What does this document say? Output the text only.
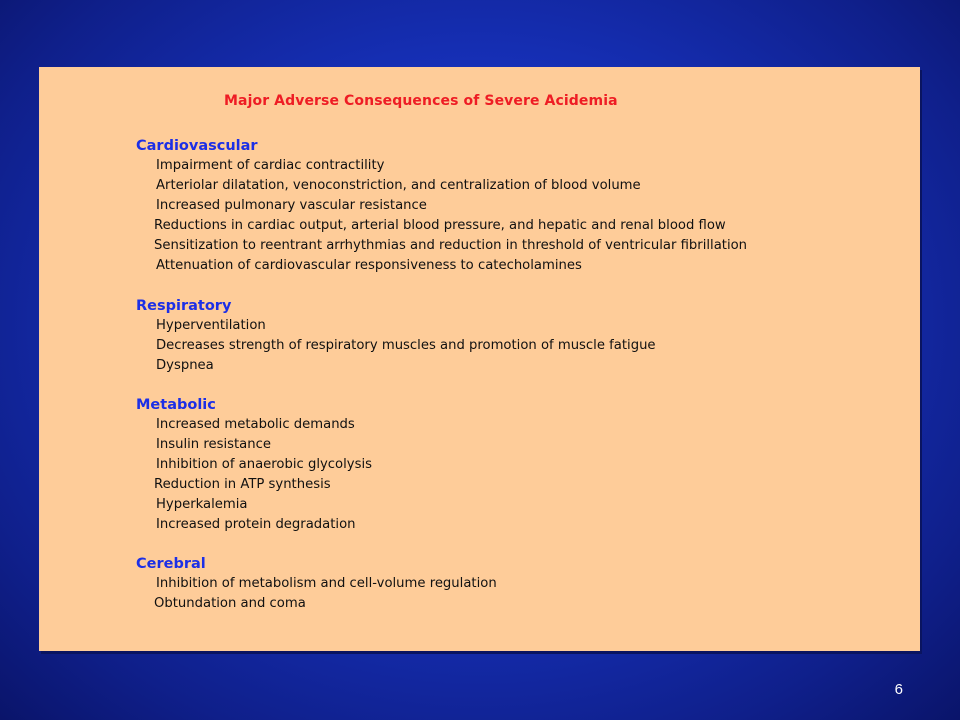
Major Adverse Consequences of Severe Acidemia
Cardiovascular
Impairment of cardiac contractility
Arteriolar dilatation, venoconstriction, and centralization of blood volume
Increased pulmonary vascular resistance
Reductions in cardiac output, arterial blood pressure, and hepatic and renal blood flow
Sensitization to reentrant arrhythmias and reduction in threshold of ventricular fibrillation
Attenuation of cardiovascular responsiveness to catecholamines
Respiratory
Hyperventilation
Decreases strength of respiratory muscles and promotion of muscle fatigue
Dyspnea
Metabolic
Increased metabolic demands
Insulin resistance
Inhibition of anaerobic glycolysis
Reduction in ATP synthesis
Hyperkalemia
Increased protein degradation
Cerebral
Inhibition of metabolism and cell-volume regulation
Obtundation and coma
6
